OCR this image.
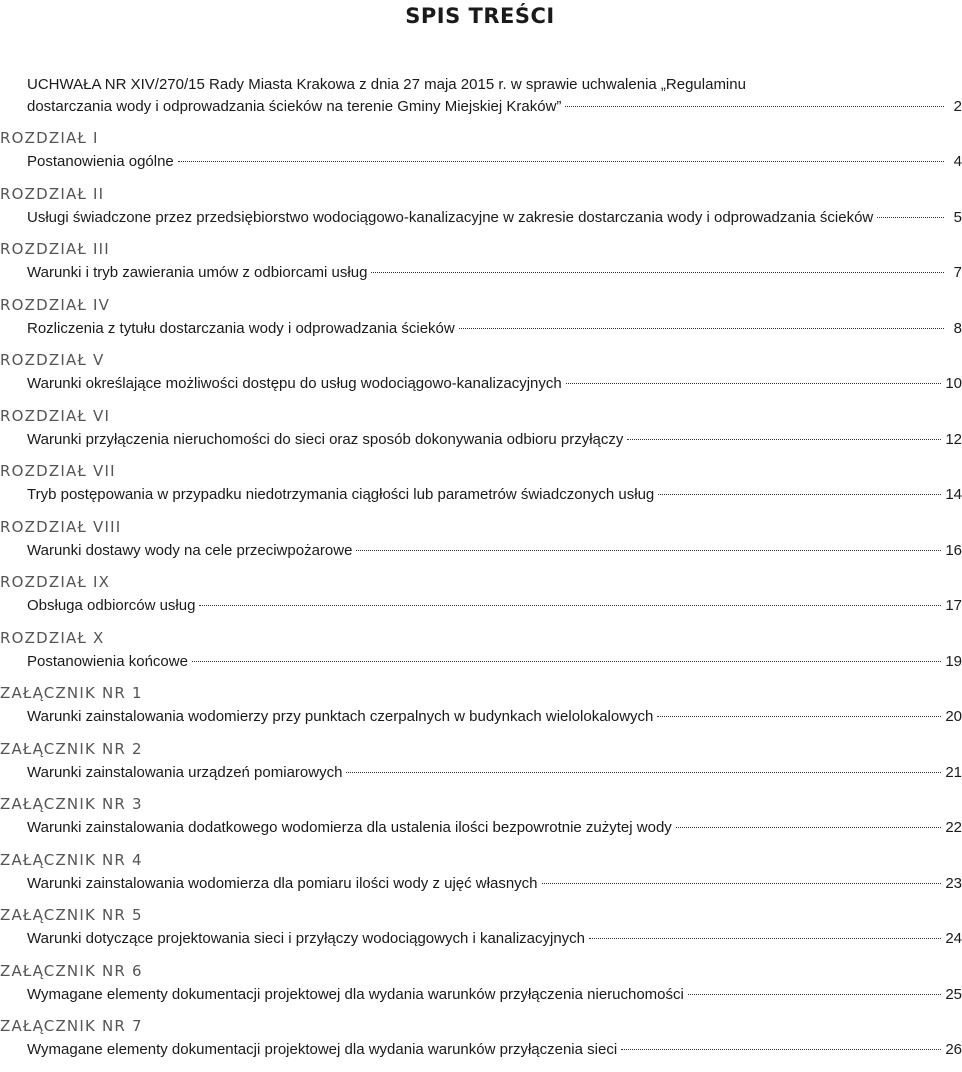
SPIS TREŚCI
UCHWAŁA NR XIV/270/15 Rady Miasta Krakowa z dnia 27 maja 2015 r. w sprawie uchwalenia „Regulaminu
dostarczania wody i odprowadzania ścieków na terenie Gminy Miejskiej Kraków”	2
ROZDZIAŁ I
Postanowienia ogólne	4
ROZDZIAŁ II
Usługi świadczone przez przedsiębiorstwo wodociągowo-kanalizacyjne w zakresie dostarczania wody i odprowadzania ścieków	5
ROZDZIAŁ III
Warunki i tryb zawierania umów z odbiorcami usług	7
ROZDZIAŁ IV
Rozliczenia z tytułu dostarczania wody i odprowadzania ścieków	8
ROZDZIAŁ V
Warunki określające możliwości dostępu do usług wodociągowo-kanalizacyjnych	10
ROZDZIAŁ VI
Warunki przyłączenia nieruchomości do sieci oraz sposób dokonywania odbioru przyłączy	12
ROZDZIAŁ VII
Tryb postępowania w przypadku niedotrzymania ciągłości lub parametrów świadczonych usług	14
ROZDZIAŁ VIII
Warunki dostawy wody na cele przeciwpożarowe	16
ROZDZIAŁ IX
Obsługa odbiorców usług	17
ROZDZIAŁ X
Postanowienia końcowe	19
ZAŁĄCZNIK NR 1
Warunki zainstalowania wodomierzy przy punktach czerpalnych w budynkach wielolokalowych	20
ZAŁĄCZNIK NR 2
Warunki zainstalowania urządzeń pomiarowych	21
ZAŁĄCZNIK NR 3
Warunki zainstalowania dodatkowego wodomierza dla ustalenia ilości bezpowrotnie zużytej wody	22
ZAŁĄCZNIK NR 4
Warunki zainstalowania wodomierza dla pomiaru ilości wody z ujęć własnych	23
ZAŁĄCZNIK NR 5
Warunki dotyczące projektowania sieci i przyłączy wodociągowych i kanalizacyjnych	24
ZAŁĄCZNIK NR 6
Wymagane elementy dokumentacji projektowej dla wydania warunków przyłączenia nieruchomości	25
ZAŁĄCZNIK NR 7
Wymagane elementy dokumentacji projektowej dla wydania warunków przyłączenia sieci	26
